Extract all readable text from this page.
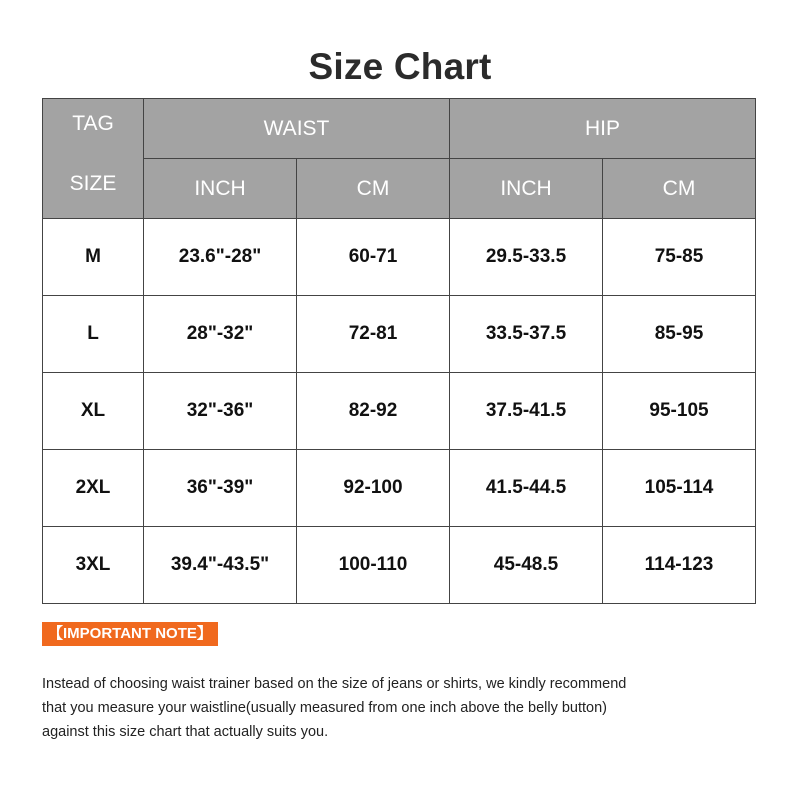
Size Chart
TAG
SIZE	WAIST		HIP	
	INCH	CM	INCH	CM
M	23.6"-28"	60-71	29.5-33.5	75-85
L	28"-32"	72-81	33.5-37.5	85-95
XL	32"-36"	82-92	37.5-41.5	95-105
2XL	36"-39"	92-100	41.5-44.5	105-114
3XL	39.4"-43.5"	100-110	45-48.5	114-123
【IMPORTANT NOTE】
Instead of choosing waist trainer based on the size of jeans or shirts, we kindly recommend
that you measure your waistline(usually measured from one inch above the belly button)
against this size chart that actually suits you.
